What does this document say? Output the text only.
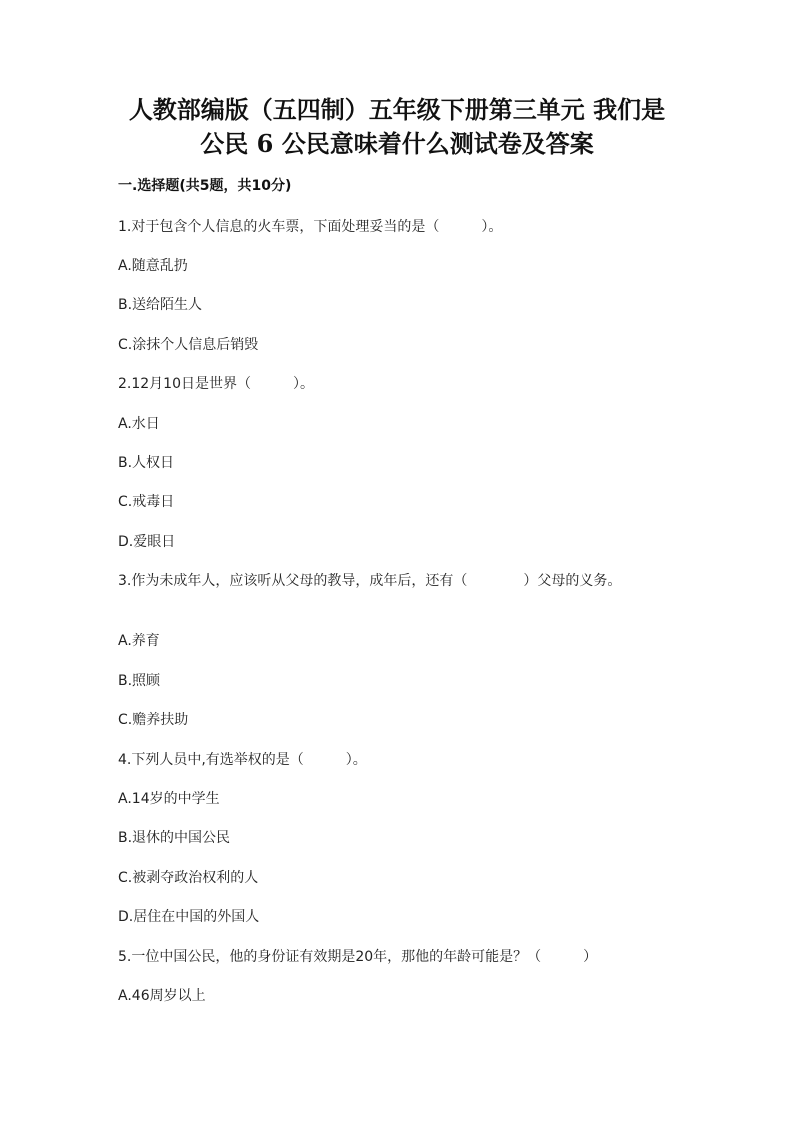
人教部编版（五四制）五年级下册第三单元 我们是
公民 6 公民意味着什么测试卷及答案
一.选择题(共5题，共10分)
1.对于包含个人信息的火车票，下面处理妥当的是（　　　）。
A.随意乱扔
B.送给陌生人
C.涂抹个人信息后销毁
2.12月10日是世界（　　　）。
A.水日
B.人权日
C.戒毒日
D.爱眼日
3.作为未成年人，应该听从父母的教导，成年后，还有（　　　　）父母的义务。
A.养育
B.照顾
C.赡养扶助
4.下列人员中,有选举权的是（　　　）。
A.14岁的中学生
B.退休的中国公民
C.被剥夺政治权利的人
D.居住在中国的外国人
5.一位中国公民，他的身份证有效期是20年，那他的年龄可能是？（　　　）
A.46周岁以上
